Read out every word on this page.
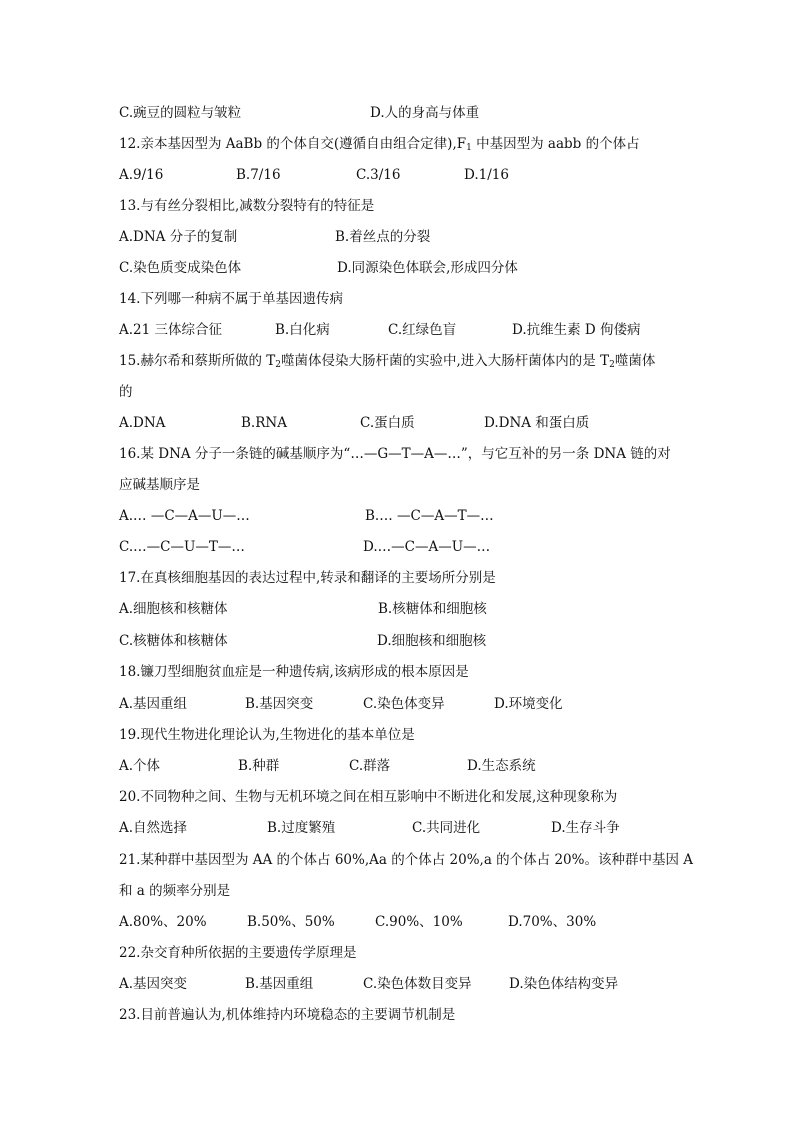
C.豌豆的圆粒与皱粒	D.人的身高与体重
12.亲本基因型为 AaBb 的个体自交(遵循自由组合定律)$,F_1$ 中基因型为 aabb 的个体占
A.9/16	B.7/16	C.3/16	D.1/16
13.与有丝分裂相比,减数分裂特有的特征是
A.DNA 分子的复制	B.着丝点的分裂
C.染色质变成染色体	D.同源染色体联会,形成四分体
14.下列哪一种病不属于单基因遗传病
A.21 三体综合征	B.白化病	C.红绿色盲	D.抗维生素 D 佝偻病
15.赫尔希和蔡斯所做的 $T_2$噬菌体侵染大肠杆菌的实验中,进入大肠杆菌体内的是 $T_2$噬菌体
的
A.DNA	B.RNA	C.蛋白质	D.DNA 和蛋白质
16.某 DNA 分子一条链的碱基顺序为“…—G—T—A—…”，与它互补的另一条 DNA 链的对
应碱基顺序是
A.… —C—A—U—…	B.… —C—A—T—…
C.…—C—U—T—…	D.…—C—A—U—…
17.在真核细胞基因的表达过程中,转录和翻译的主要场所分别是
A.细胞核和核糖体	B.核糖体和细胞核
C.核糖体和核糖体	D.细胞核和细胞核
18.镰刀型细胞贫血症是一种遗传病,该病形成的根本原因是
A.基因重组	B.基因突变	C.染色体变异	D.环境变化
19.现代生物进化理论认为,生物进化的基本单位是
A.个体	B.种群	C.群落	D.生态系统
20.不同物种之间、生物与无机环境之间在相互影响中不断进化和发展,这种现象称为
A.自然选择	B.过度繁殖	C.共同进化	D.生存斗争
21.某种群中基因型为 AA 的个体占 60%,Aa 的个体占 20%,a 的个体占 20%。该种群中基因 A
和 a 的频率分别是
A.80%、20%	B.50%、50%	C.90%、10%	D.70%、30%
22.杂交育种所依据的主要遗传学原理是
A.基因突变	B.基因重组	C.染色体数目变异	D.染色体结构变异
23.目前普遍认为,机体维持内环境稳态的主要调节机制是
